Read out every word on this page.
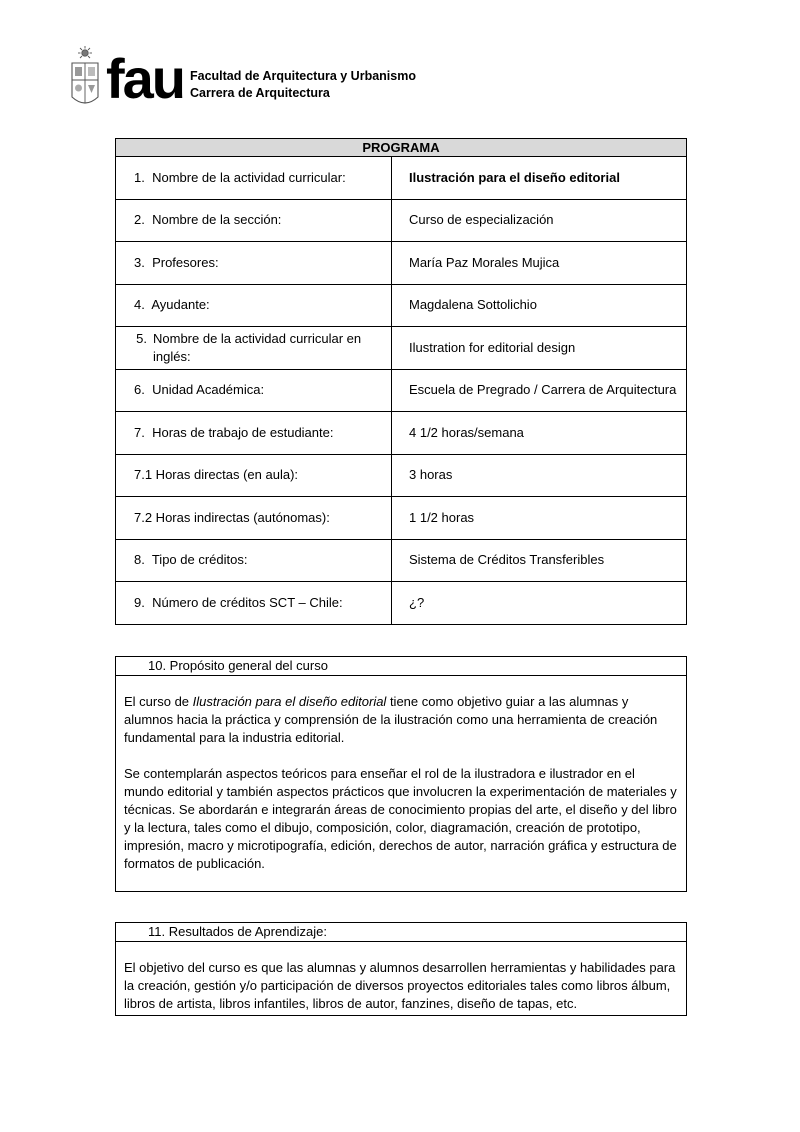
fau Facultad de Arquitectura y Urbanismo
Carrera de Arquitectura
PROGRAMA	
1. Nombre de la actividad curricular:	Ilustración para el diseño editorial
2. Nombre de la sección:	Curso de especialización
3. Profesores:	María Paz Morales Mujica
4. Ayudante:	Magdalena Sottolichio

5. Nombre de la actividad curricular en inglés:	Ilustration for editorial design
6. Unidad Académica:	Escuela de Pregrado / Carrera de Arquitectura
7. Horas de trabajo de estudiante:	4 1/2 horas/semana
7.1 Horas directas (en aula):	3 horas
7.2 Horas indirectas (autónomas):	1 1/2 horas
8. Tipo de créditos:	Sistema de Créditos Transferibles
9. Número de créditos SCT – Chile:	¿?
10. Propósito general del curso

El curso de Ilustración para el diseño editorial tiene como objetivo guiar a las alumnas y alumnos hacia la práctica y comprensión de la ilustración como una herramienta de creación fundamental para la industria editorial.

Se contemplarán aspectos teóricos para enseñar el rol de la ilustradora e ilustrador en el mundo editorial y también aspectos prácticos que involucren la experimentación de materiales y técnicas. Se abordarán e integrarán áreas de conocimiento propias del arte, el diseño y del libro y la lectura, tales como el dibujo, composición, color, diagramación, creación de prototipo, impresión, macro y microtipografía, edición, derechos de autor, narración gráfica y estructura de formatos de publicación.

11. Resultados de Aprendizaje:

El objetivo del curso es que las alumnas y alumnos desarrollen herramientas y habilidades para la creación, gestión y/o participación de diversos proyectos editoriales tales como libros álbum, libros de artista, libros infantiles, libros de autor, fanzines, diseño de tapas, etc.
